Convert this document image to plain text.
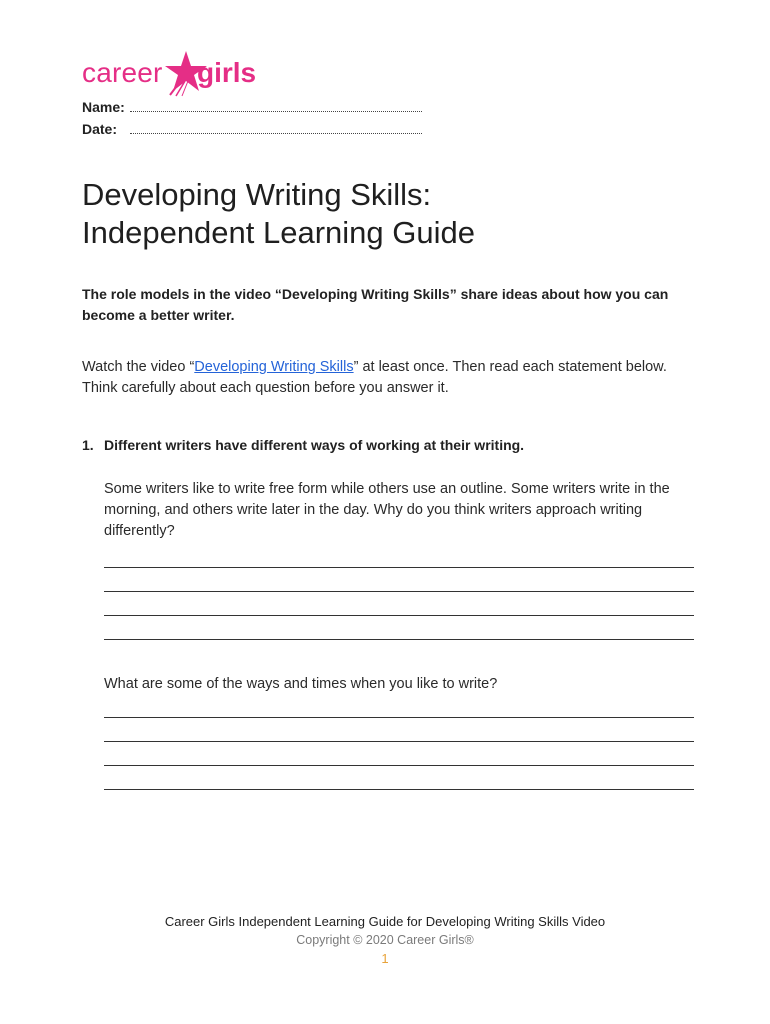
career girls
Name:
Date:
Developing Writing Skills:
Independent Learning Guide
The role models in the video “Developing Writing Skills” share ideas about how you can become a better writer.
Watch the video “Developing Writing Skills” at least once. Then read each statement below. Think carefully about each question before you answer it.
1. Different writers have different ways of working at their writing.
Some writers like to write free form while others use an outline. Some writers write in the morning, and others write later in the day. Why do you think writers approach writing differently?
What are some of the ways and times when you like to write?
Career Girls Independent Learning Guide for Developing Writing Skills Video
Copyright © 2020 Career Girls®
1
